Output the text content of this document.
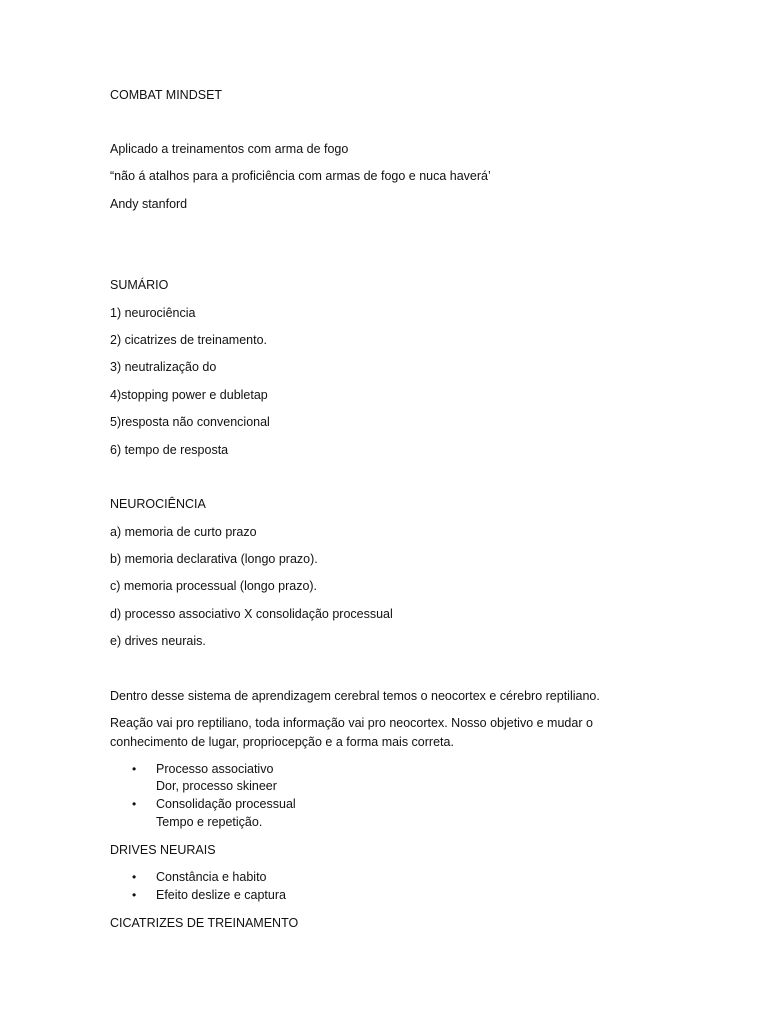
COMBAT MINDSET
Aplicado a treinamentos com arma de fogo
“não á atalhos para a proficiência com armas de fogo e nuca haverá’
Andy stanford
SUMÁRIO
1) neurociência
2) cicatrizes de treinamento.
3) neutralização do
4)stopping power e dubletap
5)resposta não convencional
6) tempo de resposta
NEUROCIÊNCIA
a) memoria de curto prazo
b) memoria declarativa (longo prazo).
c) memoria processual (longo prazo).
d) processo associativo X consolidação processual
e) drives neurais.
Dentro desse sistema de aprendizagem cerebral temos o neocortex e cérebro reptiliano.
Reação vai pro reptiliano, toda informação vai pro neocortex. Nosso objetivo e mudar o
conhecimento de lugar, propriocepção e a forma mais correta.
• Processo associativo
Dor, processo skineer
• Consolidação processual
Tempo e repetição.
DRIVES NEURAIS
• Constância e habito
• Efeito deslize e captura
CICATRIZES DE TREINAMENTO
